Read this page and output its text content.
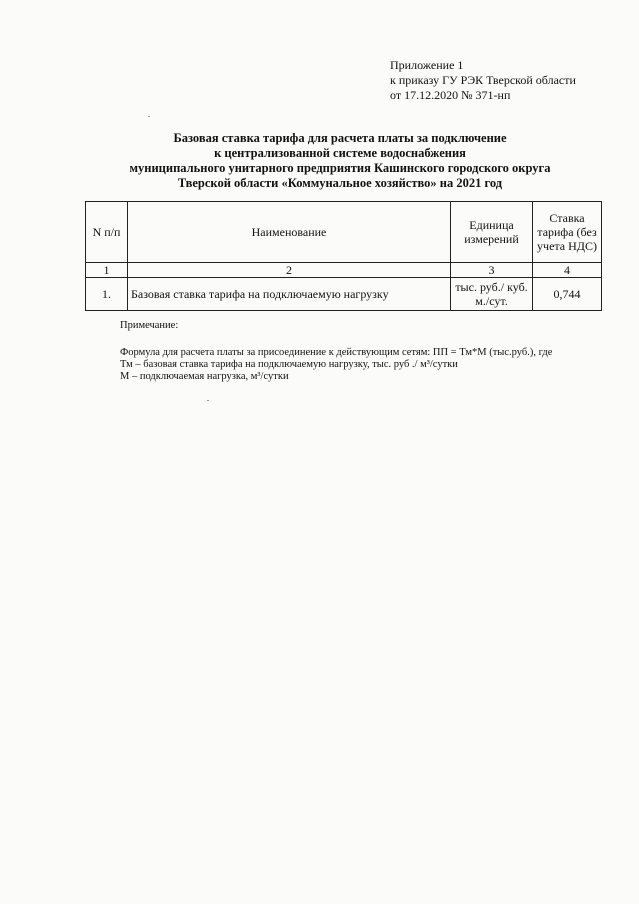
Приложение 1
к приказу ГУ РЭК Тверской области
от 17.12.2020 № 371-нп
Базовая ставка тарифа для расчета платы за подключение
к централизованной системе водоснабжения
муниципального унитарного предприятия Кашинского городского округа
Тверской области «Коммунальное хозяйство» на 2021 год
N п/п	Наименование	Единица измерений	Ставка тарифа (без учета НДС)
1	2	3	4
1.	Базовая ставка тарифа на подключаемую нагрузку	тыс. руб./ куб. м./сут.	0,744
Примечание:
Формула для расчета платы за присоединение к действующим сетям: ПП = Тм*М (тыс.руб.), где
Тм – базовая ставка тарифа на подключаемую нагрузку, тыс. руб ./ м³/сутки
М – подключаемая нагрузка, м³/сутки
